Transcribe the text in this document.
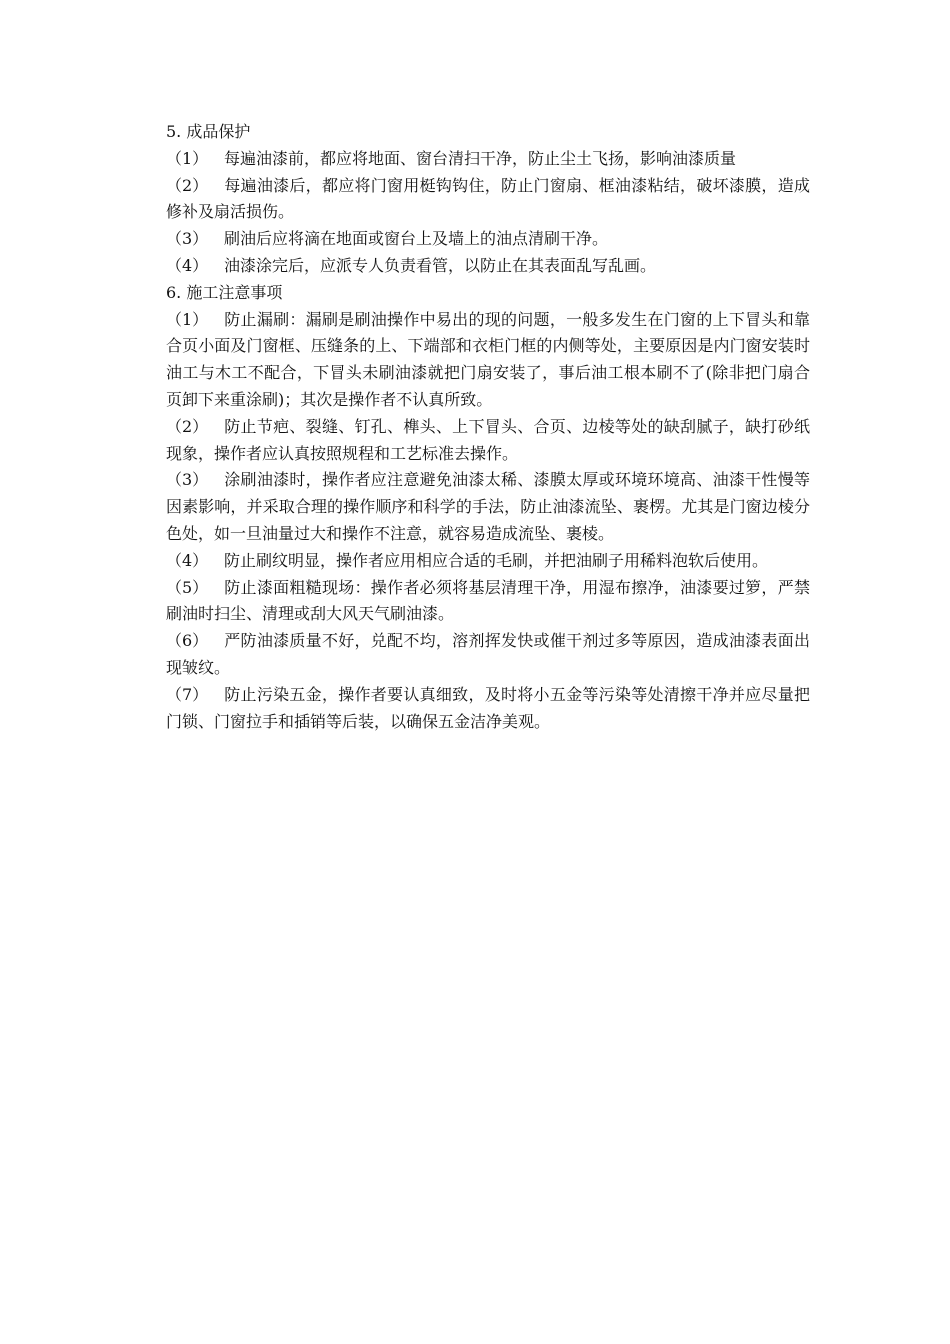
5. 成品保护

（1） 每遍油漆前，都应将地面、窗台清扫干净，防止尘土飞扬，影响油漆质量

（2） 每遍油漆后，都应将门窗用梃钩钩住，防止门窗扇、框油漆粘结，破坏漆膜，造成修补及扇活损伤。

（3） 刷油后应将滴在地面或窗台上及墙上的油点清刷干净。

（4） 油漆涂完后，应派专人负责看管，以防止在其表面乱写乱画。

6. 施工注意事项

（1） 防止漏刷：漏刷是刷油操作中易出的现的问题，一般多发生在门窗的上下冒头和靠合页小面及门窗框、压缝条的上、下端部和衣柜门框的内侧等处，主要原因是内门窗安装时油工与木工不配合，下冒头未刷油漆就把门扇安装了，事后油工根本刷不了(除非把门扇合页卸下来重涂刷)；其次是操作者不认真所致。

（2） 防止节疤、裂缝、钉孔、榫头、上下冒头、合页、边棱等处的缺刮腻子，缺打砂纸现象，操作者应认真按照规程和工艺标准去操作。

（3） 涂刷油漆时，操作者应注意避免油漆太稀、漆膜太厚或环境环境高、油漆干性慢等因素影响，并采取合理的操作顺序和科学的手法，防止油漆流坠、裹楞。尤其是门窗边棱分色处，如一旦油量过大和操作不注意，就容易造成流坠、裹棱。

（4） 防止刷纹明显，操作者应用相应合适的毛刷，并把油刷子用稀料泡软后使用。

（5） 防止漆面粗糙现场：操作者必须将基层清理干净，用湿布擦净，油漆要过箩，严禁刷油时扫尘、清理或刮大风天气刷油漆。

（6） 严防油漆质量不好，兑配不均，溶剂挥发快或催干剂过多等原因，造成油漆表面出现皱纹。

（7） 防止污染五金，操作者要认真细致，及时将小五金等污染等处清擦干净并应尽量把门锁、门窗拉手和插销等后装，以确保五金洁净美观。
